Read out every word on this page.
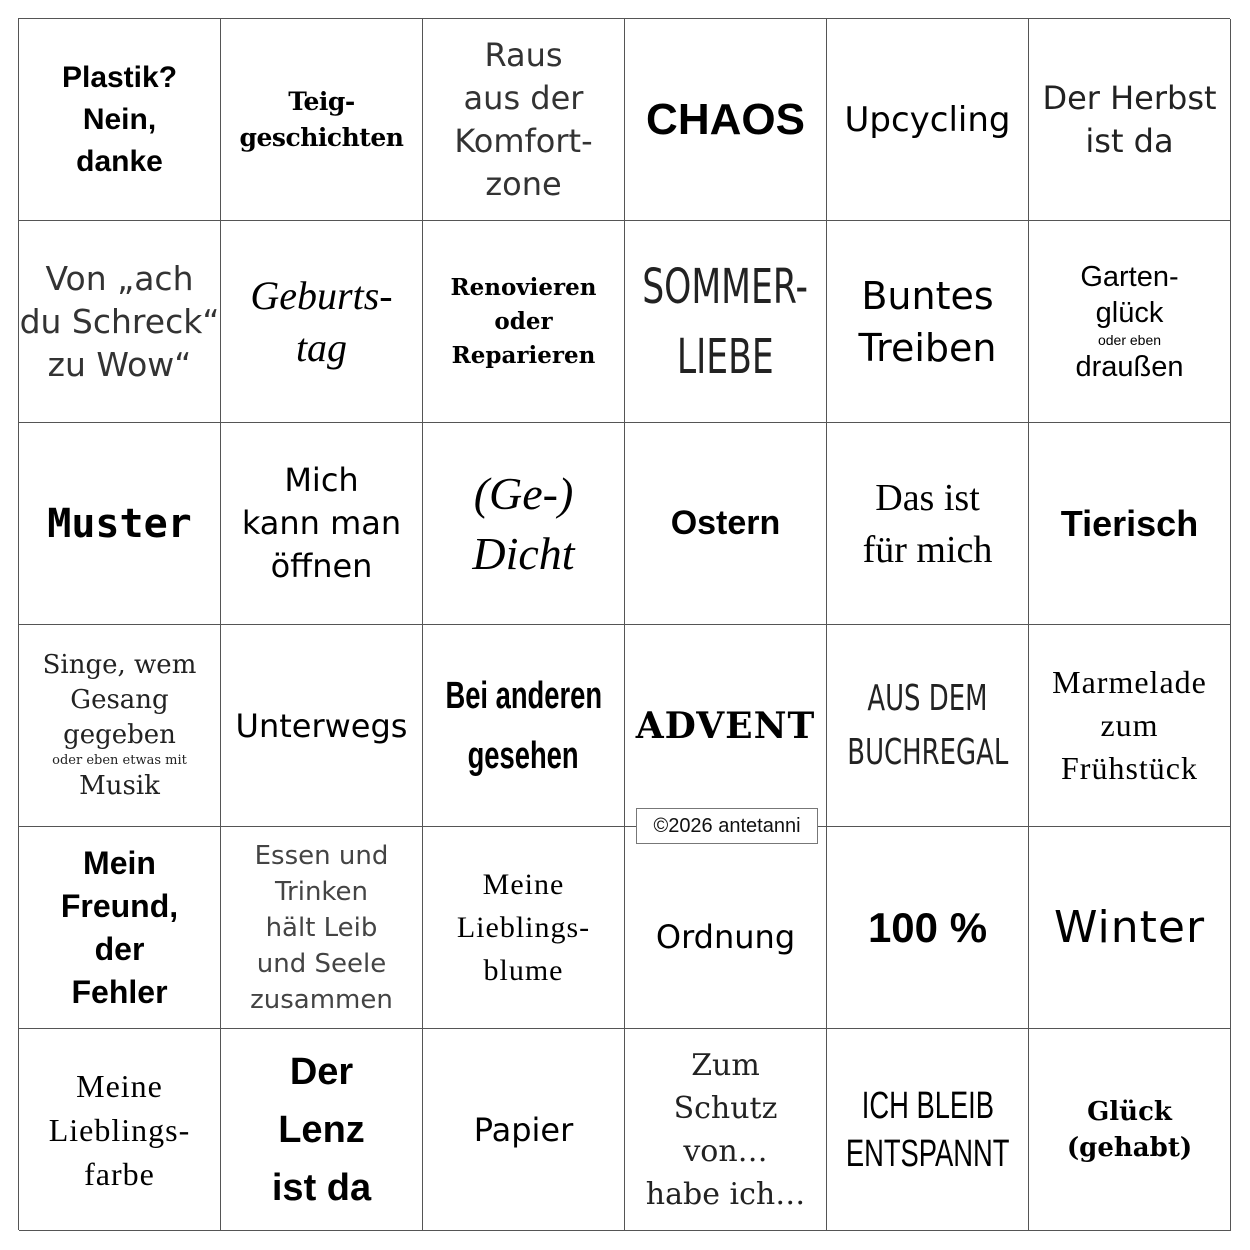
Plastik?
Nein,
danke
Teig-
geschichten
Raus
aus der
Komfort-
zone
CHAOS Upcycling
Der Herbst
ist da
Von „ach
du Schreck“
zu Wow“
Geburts-
tag
Renovieren
oder
Reparieren
SOMMER-
LIEBE
Buntes
Treiben
Garten-
glück
oder eben
draußen
Muster
Mich
kann man
öffnen
(Ge-)
Dicht
Ostern
Das ist
für mich
Tierisch
Singe, wem
Gesang
gegeben
oder eben etwas mit
Musik
Unterwegs
Bei anderen
gesehen
ADVENT
AUS DEM
BUCHREGAL
Marmelade
zum
Frühstück
Mein
Freund,
der
Fehler
Essen und
Trinken
hält Leib
und Seele
zusammen
Meine
Lieblings-
blume
Ordnung 100 % Winter
Meine
Lieblings-
farbe
Der
Lenz
ist da
Papier
Zum
Schutz
von…
habe ich…
ICH BLEIB
ENTSPANNT
Glück
(gehabt)
©2026 antetanni
